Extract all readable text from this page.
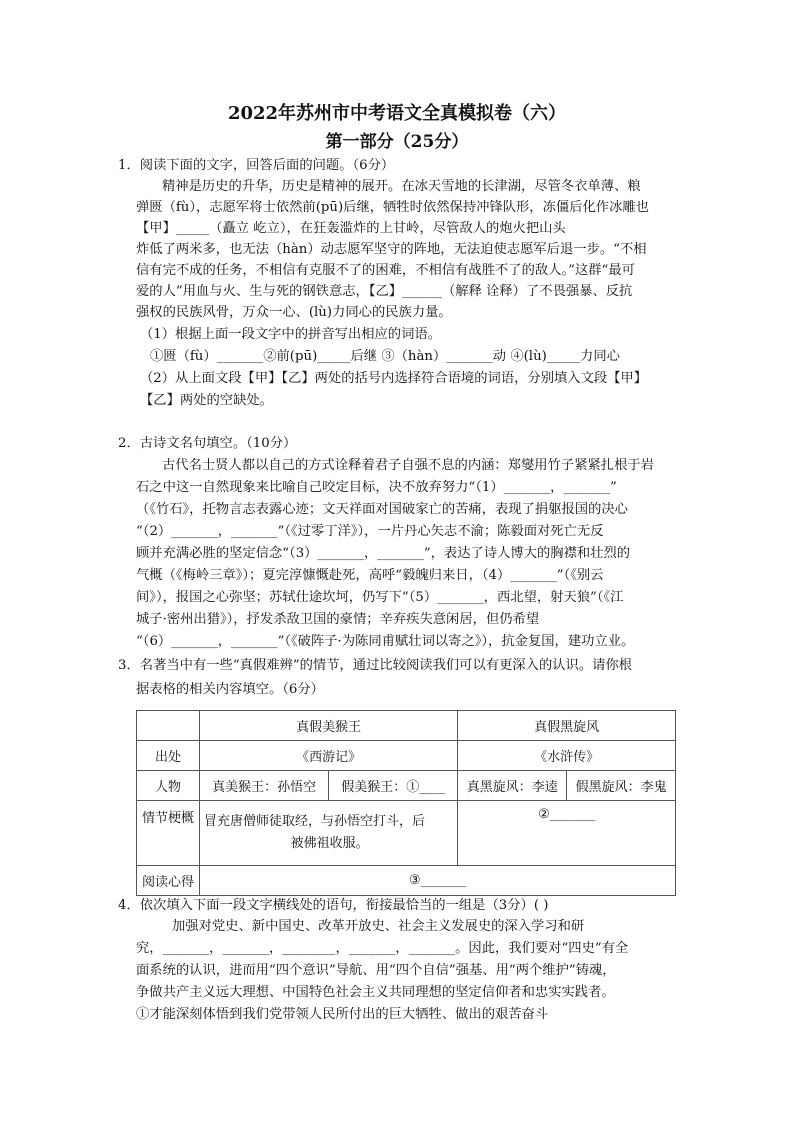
2022年苏州市中考语文全真模拟卷（六）
第一部分（25分）
1．阅读下面的文字，回答后面的问题。（6分）
精神是历史的升华，历史是精神的展开。在冰天雪地的长津湖，尽管冬衣单薄、粮
弹匮（fù），志愿军将士依然前(pū)后继，牺牲时依然保持冲锋队形，冻僵后化作冰雕也
【甲】_____（矗立 屹立），在狂轰滥炸的上甘岭，尽管敌人的炮火把山头
炸低了两米多，也无法（hàn）动志愿军坚守的阵地，无法迫使志愿军后退一步。“不相
信有完不成的任务，不相信有克服不了的困难，不相信有战胜不了的敌人。”这群“最可
爱的人”用血与火、生与死的钢铁意志，【乙】______（解释 诠释）了不畏强暴、反抗
强权的民族风骨，万众一心、(lù)力同心的民族力量。
（1）根据上面一段文字中的拼音写出相应的词语。
①匮（fù）_______②前(pū)_____后继 ③（hàn）_______动 ④(lù)_____力同心
（2）从上面文段【甲】【乙】两处的括号内选择符合语境的词语，分别填入文段【甲】
【乙】两处的空缺处。
2．古诗文名句填空。（10分）
古代名士贤人都以自己的方式诠释着君子自强不息的内涵：郑燮用竹子紧紧扎根于岩
石之中这一自然现象来比喻自己咬定目标，决不放弃努力“（1）_______，_______”
（《竹石》，托物言志表露心迹；文天祥面对国破家亡的苦痛，表现了捐躯报国的决心
“（2）_______，_______”（《过零丁洋》），一片丹心矢志不渝；陈毅面对死亡无反
顾并充满必胜的坚定信念“（3）_______，_______”，表达了诗人博大的胸襟和壮烈的
气概（《梅岭三章》）；夏完淳慷慨赴死，高呼“毅魄归来日，（4）_______”（《别云
间》），报国之心弥坚；苏轼仕途坎坷，仍写下“（5）_______，西北望，射天狼”（《江
城子·密州出猎》），抒发杀敌卫国的豪情；辛弃疾失意闲居，但仍希望
“（6）_______，_______”（《破阵子·为陈同甫赋壮词以寄之》），抗金复国，建功立业。
3．名著当中有一些“真假难辨”的情节，通过比较阅读我们可以有更深入的认识。请你根
据表格的相关内容填空。（6分）
	真假美猴王		真假黑旋风	
出处	《西游记》		《水浒传》	
人物	真美猴王：孙悟空	假美猴王：①____	真黑旋风：李逵	假黑旋风：李鬼
情节梗概	冒充唐僧师徒取经，与孙悟空打斗，后
被佛祖收服。		②_______	
阅读心得	③_______			
4．依次填入下面一段文字横线处的语句，衔接最恰当的一组是（3分）( )
加强对党史、新中国史、改革开放史、社会主义发展史的深入学习和研
究，_______，_______，________，_______，_______。因此，我们要对“四史”有全
面系统的认识，进而用“四个意识”导航、用“四个自信”强基、用“两个维护”铸魂，
争做共产主义远大理想、中国特色社会主义共同理想的坚定信仰者和忠实实践者。
①才能深刻体悟到我们党带领人民所付出的巨大牺牲、做出的艰苦奋斗
